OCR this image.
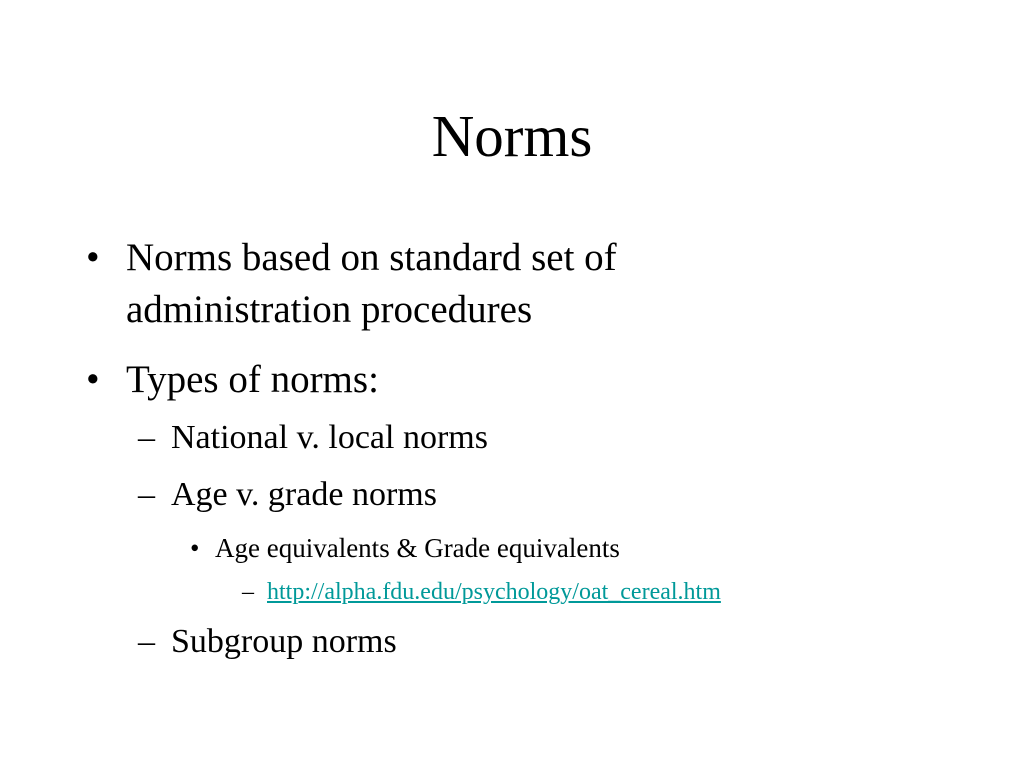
Norms
• Norms based on standard set of
administration procedures
• Types of norms:
– National v. local norms
– Age v. grade norms
• Age equivalents & Grade equivalents
– http://alpha.fdu.edu/psychology/oat_cereal.htm
– Subgroup norms
